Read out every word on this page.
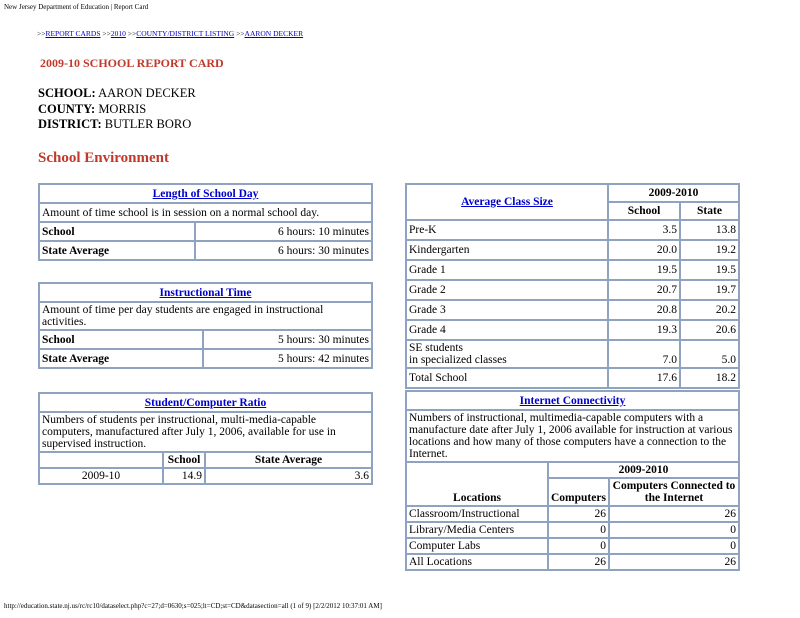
New Jersey Department of Education | Report Card
>>REPORT CARDS >>2010 >>COUNTY/DISTRICT LISTING >>AARON DECKER
2009-10 SCHOOL REPORT CARD
SCHOOL: AARON DECKER
COUNTY: MORRIS
DISTRICT: BUTLER BORO
School Environment
Length of School Day	
Amount of time school is in session on a normal school day.	
School	6 hours: 10 minutes
State Average	6 hours: 30 minutes
Instructional Time	
Amount of time per day students are engaged in instructional activities.	
School	5 hours: 30 minutes
State Average	5 hours: 42 minutes
Student/Computer Ratio		
Numbers of students per instructional, multi-media-capable computers, manufactured after July 1, 2006, available for use in supervised instruction.		
	School	State Average
2009-10	14.9	3.6
Average Class Size	2009-2010	
	School	State
Pre-K	3.5	13.8
Kindergarten	20.0	19.2
Grade 1	19.5	19.5
Grade 2	20.7	19.7
Grade 3	20.8	20.2
Grade 4	19.3	20.6
SE students
in specialized classes	7.0	5.0
Total School	17.6	18.2
Internet Connectivity		
Numbers of instructional, multimedia-capable computers with a manufacture date after July 1, 2006 available for instruction at various locations and how many of those computers have a connection to the Internet.		
Locations	2009-2010	
	Computers	Computers Connected to the Internet
Classroom/Instructional	26	26
Library/Media Centers	0	0
Computer Labs	0	0
All Locations	26	26
http://education.state.nj.us/rc/rc10/dataselect.php?c=27;d=0630;s=025;lt=CD;st=CD&datasection=all (1 of 9) [2/2/2012 10:37:01 AM]
